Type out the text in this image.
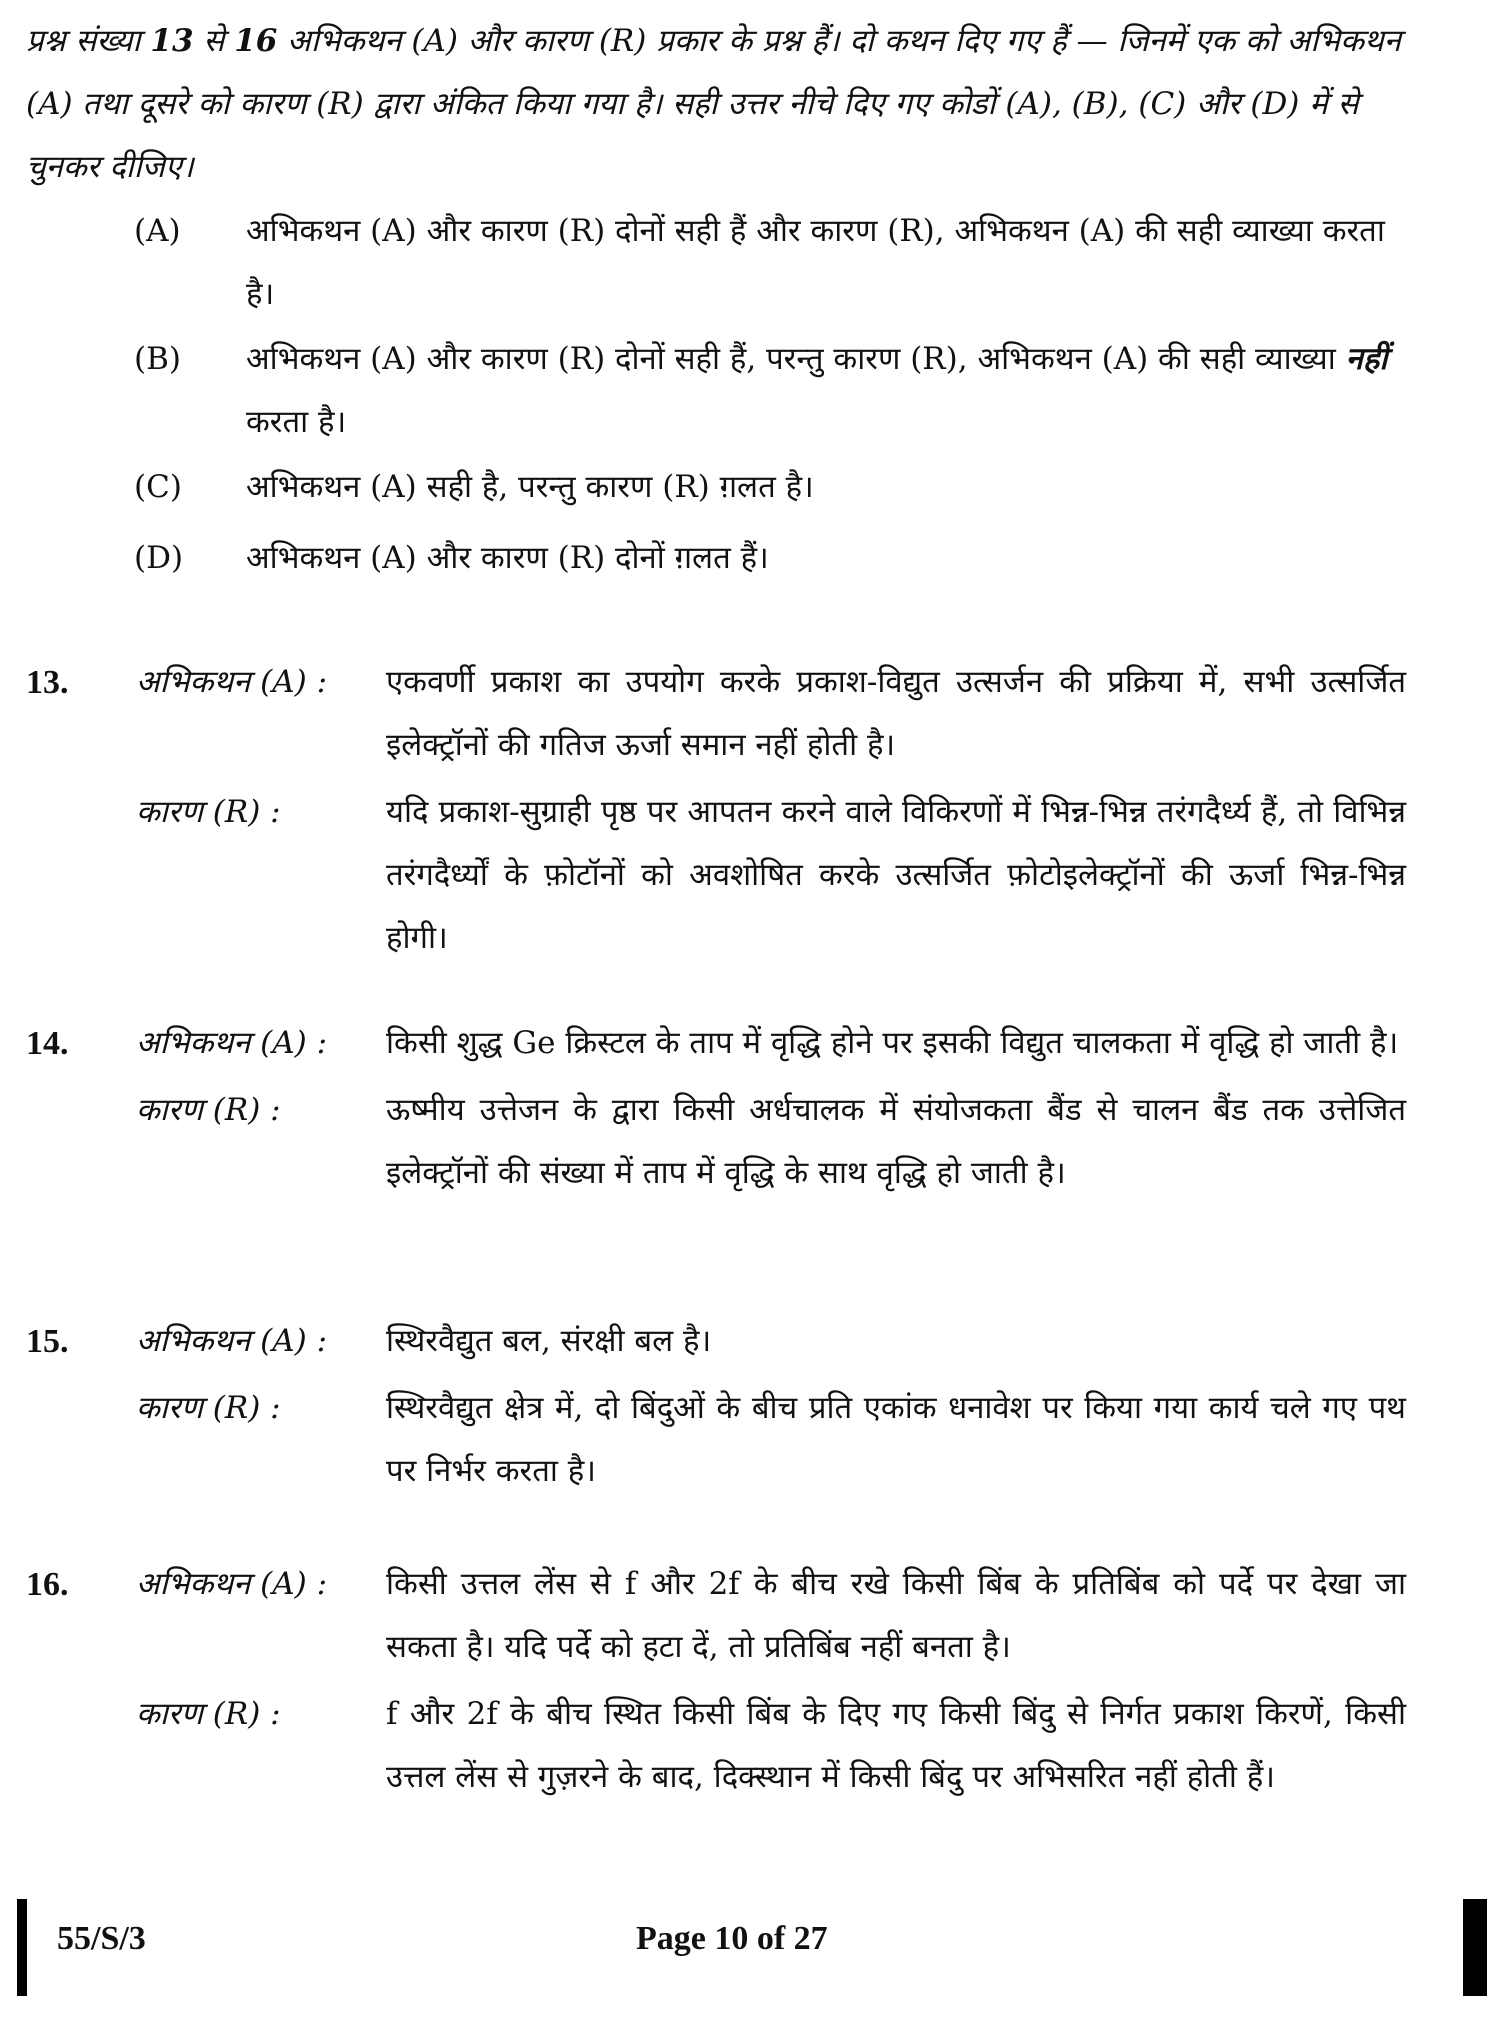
प्रश्न संख्या 13 से 16 अभिकथन (A) और कारण (R) प्रकार के प्रश्न हैं। दो कथन दिए गए हैं — जिनमें एक को अभिकथन (A) तथा दूसरे को कारण (R) द्वारा अंकित किया गया है। सही उत्तर नीचे दिए गए कोडों (A), (B), (C) और (D) में से चुनकर दीजिए।
(A)	अभिकथन (A) और कारण (R) दोनों सही हैं और कारण (R), अभिकथन (A) की सही व्याख्या करता है।
(B)	अभिकथन (A) और कारण (R) दोनों सही हैं, परन्तु कारण (R), अभिकथन (A) की सही व्याख्या नहीं करता है।
(C)	अभिकथन (A) सही है, परन्तु कारण (R) ग़लत है।
(D)	अभिकथन (A) और कारण (R) दोनों ग़लत हैं।
13.	अभिकथन (A) :	एकवर्णी प्रकाश का उपयोग करके प्रकाश-विद्युत उत्सर्जन की प्रक्रिया में, सभी उत्सर्जित इलेक्ट्रॉनों की गतिज ऊर्जा समान नहीं होती है।
कारण (R) :	यदि प्रकाश-सुग्राही पृष्ठ पर आपतन करने वाले विकिरणों में भिन्न-भिन्न तरंगदैर्ध्य हैं, तो विभिन्न तरंगदैर्ध्यों के फ़ोटॉनों को अवशोषित करके उत्सर्जित फ़ोटोइलेक्ट्रॉनों की ऊर्जा भिन्न-भिन्न होगी।
14.	अभिकथन (A) :	किसी शुद्ध Ge क्रिस्टल के ताप में वृद्धि होने पर इसकी विद्युत चालकता में वृद्धि हो जाती है।
कारण (R) :	ऊष्मीय उत्तेजन के द्वारा किसी अर्धचालक में संयोजकता बैंड से चालन बैंड तक उत्तेजित इलेक्ट्रॉनों की संख्या में ताप में वृद्धि के साथ वृद्धि हो जाती है।
15.	अभिकथन (A) :	स्थिरवैद्युत बल, संरक्षी बल है।
कारण (R) :	स्थिरवैद्युत क्षेत्र में, दो बिंदुओं के बीच प्रति एकांक धनावेश पर किया गया कार्य चले गए पथ पर निर्भर करता है।
16.	अभिकथन (A) :	किसी उत्तल लेंस से f और 2f के बीच रखे किसी बिंब के प्रतिबिंब को पर्दे पर देखा जा सकता है। यदि पर्दे को हटा दें, तो प्रतिबिंब नहीं बनता है।
कारण (R) :	f और 2f के बीच स्थित किसी बिंब के दिए गए किसी बिंदु से निर्गत प्रकाश किरणें, किसी उत्तल लेंस से गुज़रने के बाद, दिक्स्थान में किसी बिंदु पर अभिसरित नहीं होती हैं।
55/S/3	Page 10 of 27
